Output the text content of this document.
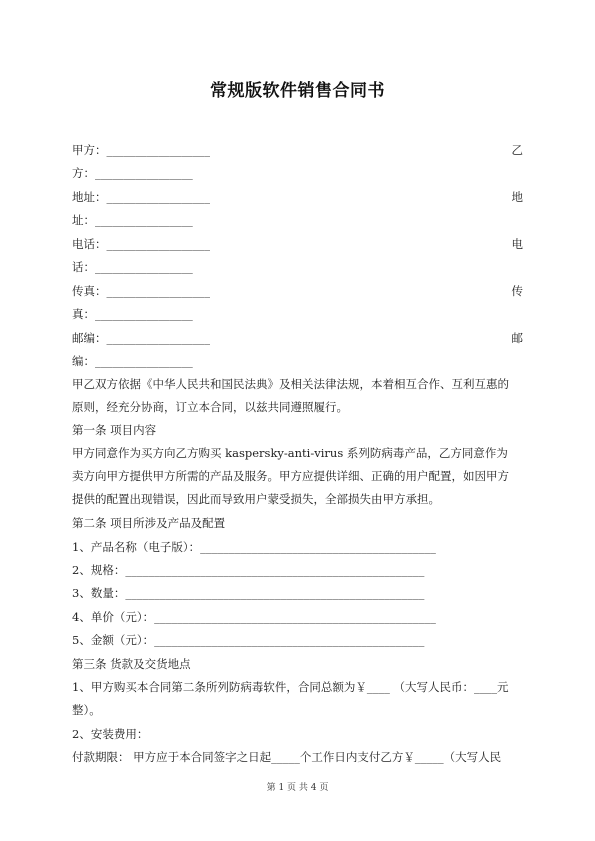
常规版软件销售合同书
甲方：__________________	乙
方：_________________
地址：__________________	地
址：_________________
电话：__________________	电
话：_________________
传真：__________________	传
真：_________________
邮编：__________________	邮
编：_________________
甲乙双方依据《中华人民共和国民法典》及相关法律法规，本着相互合作、互利互惠的
原则，经充分协商，订立本合同，以兹共同遵照履行。
第一条 项目内容
甲方同意作为买方向乙方购买 kaspersky-anti-virus 系列防病毒产品，乙方同意作为
卖方向甲方提供甲方所需的产品及服务。甲方应提供详细、正确的用户配置，如因甲方
提供的配置出现错误，因此而导致用户蒙受损失，全部损失由甲方承担。
第二条 项目所涉及产品及配置
1、产品名称（电子版）：_________________________________________
2、规格：____________________________________________________
3、数量：____________________________________________________
4、单价（元）：_________________________________________________
5、金额（元）：_______________________________________________
第三条 货款及交货地点
1、甲方购买本合同第二条所列防病毒软件，合同总额为￥____ （大写人民币：____元
整）。
2、安装费用：
付款期限： 甲方应于本合同签字之日起_____个工作日内支付乙方￥_____（大写人民
第 1 页 共 4 页
